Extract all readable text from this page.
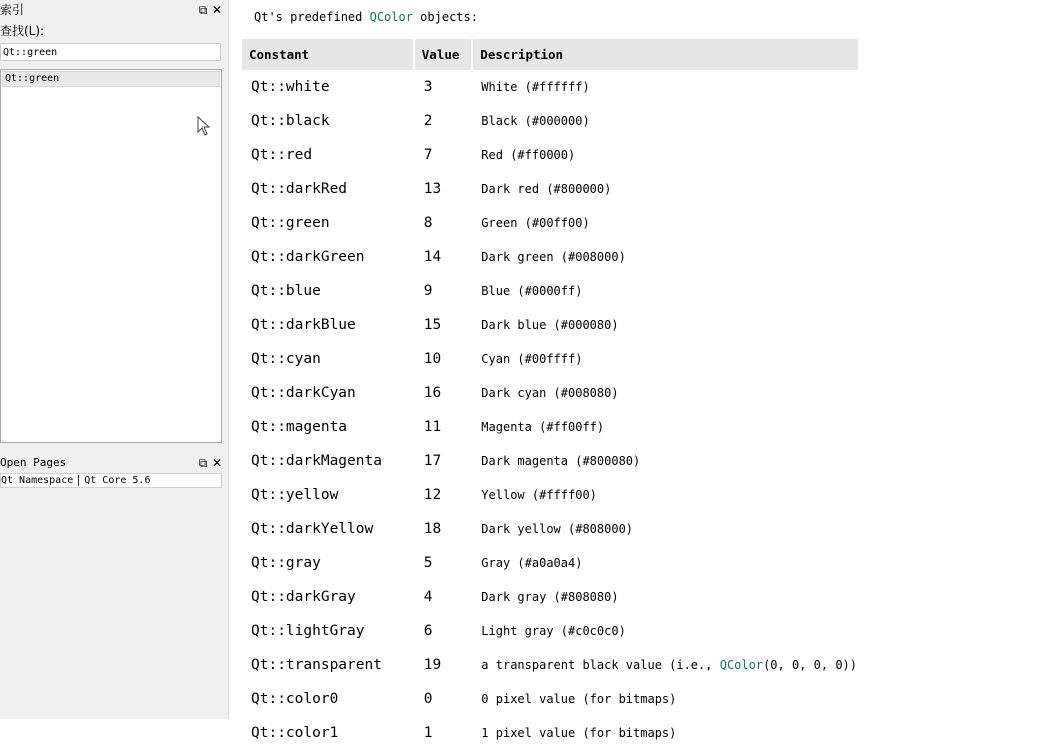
索引	⧉ ✕
查找(L):
Qt::green
Qt::green
Open Pages	⧉ ✕
Qt Namespace Qt Core 5.6
Qt's predefined QColor objects:
Constant	Value	Description
Qt::white	3	White (#ffffff)
Qt::black	2	Black (#000000)
Qt::red	7	Red (#ff0000)
Qt::darkRed	13	Dark red (#800000)
Qt::green	8	Green (#00ff00)
Qt::darkGreen	14	Dark green (#008000)
Qt::blue	9	Blue (#0000ff)
Qt::darkBlue	15	Dark blue (#000080)
Qt::cyan	10	Cyan (#00ffff)
Qt::darkCyan	16	Dark cyan (#008080)
Qt::magenta	11	Magenta (#ff00ff)
Qt::darkMagenta	17	Dark magenta (#800080)
Qt::yellow	12	Yellow (#ffff00)
Qt::darkYellow	18	Dark yellow (#808000)
Qt::gray	5	Gray (#a0a0a4)
Qt::darkGray	4	Dark gray (#808080)
Qt::lightGray	6	Light gray (#c0c0c0)
Qt::transparent	19	a transparent black value (i.e., QColor(0, 0, 0, 0))
Qt::color0	0	0 pixel value (for bitmaps)
Qt::color1	1	1 pixel value (for bitmaps)
